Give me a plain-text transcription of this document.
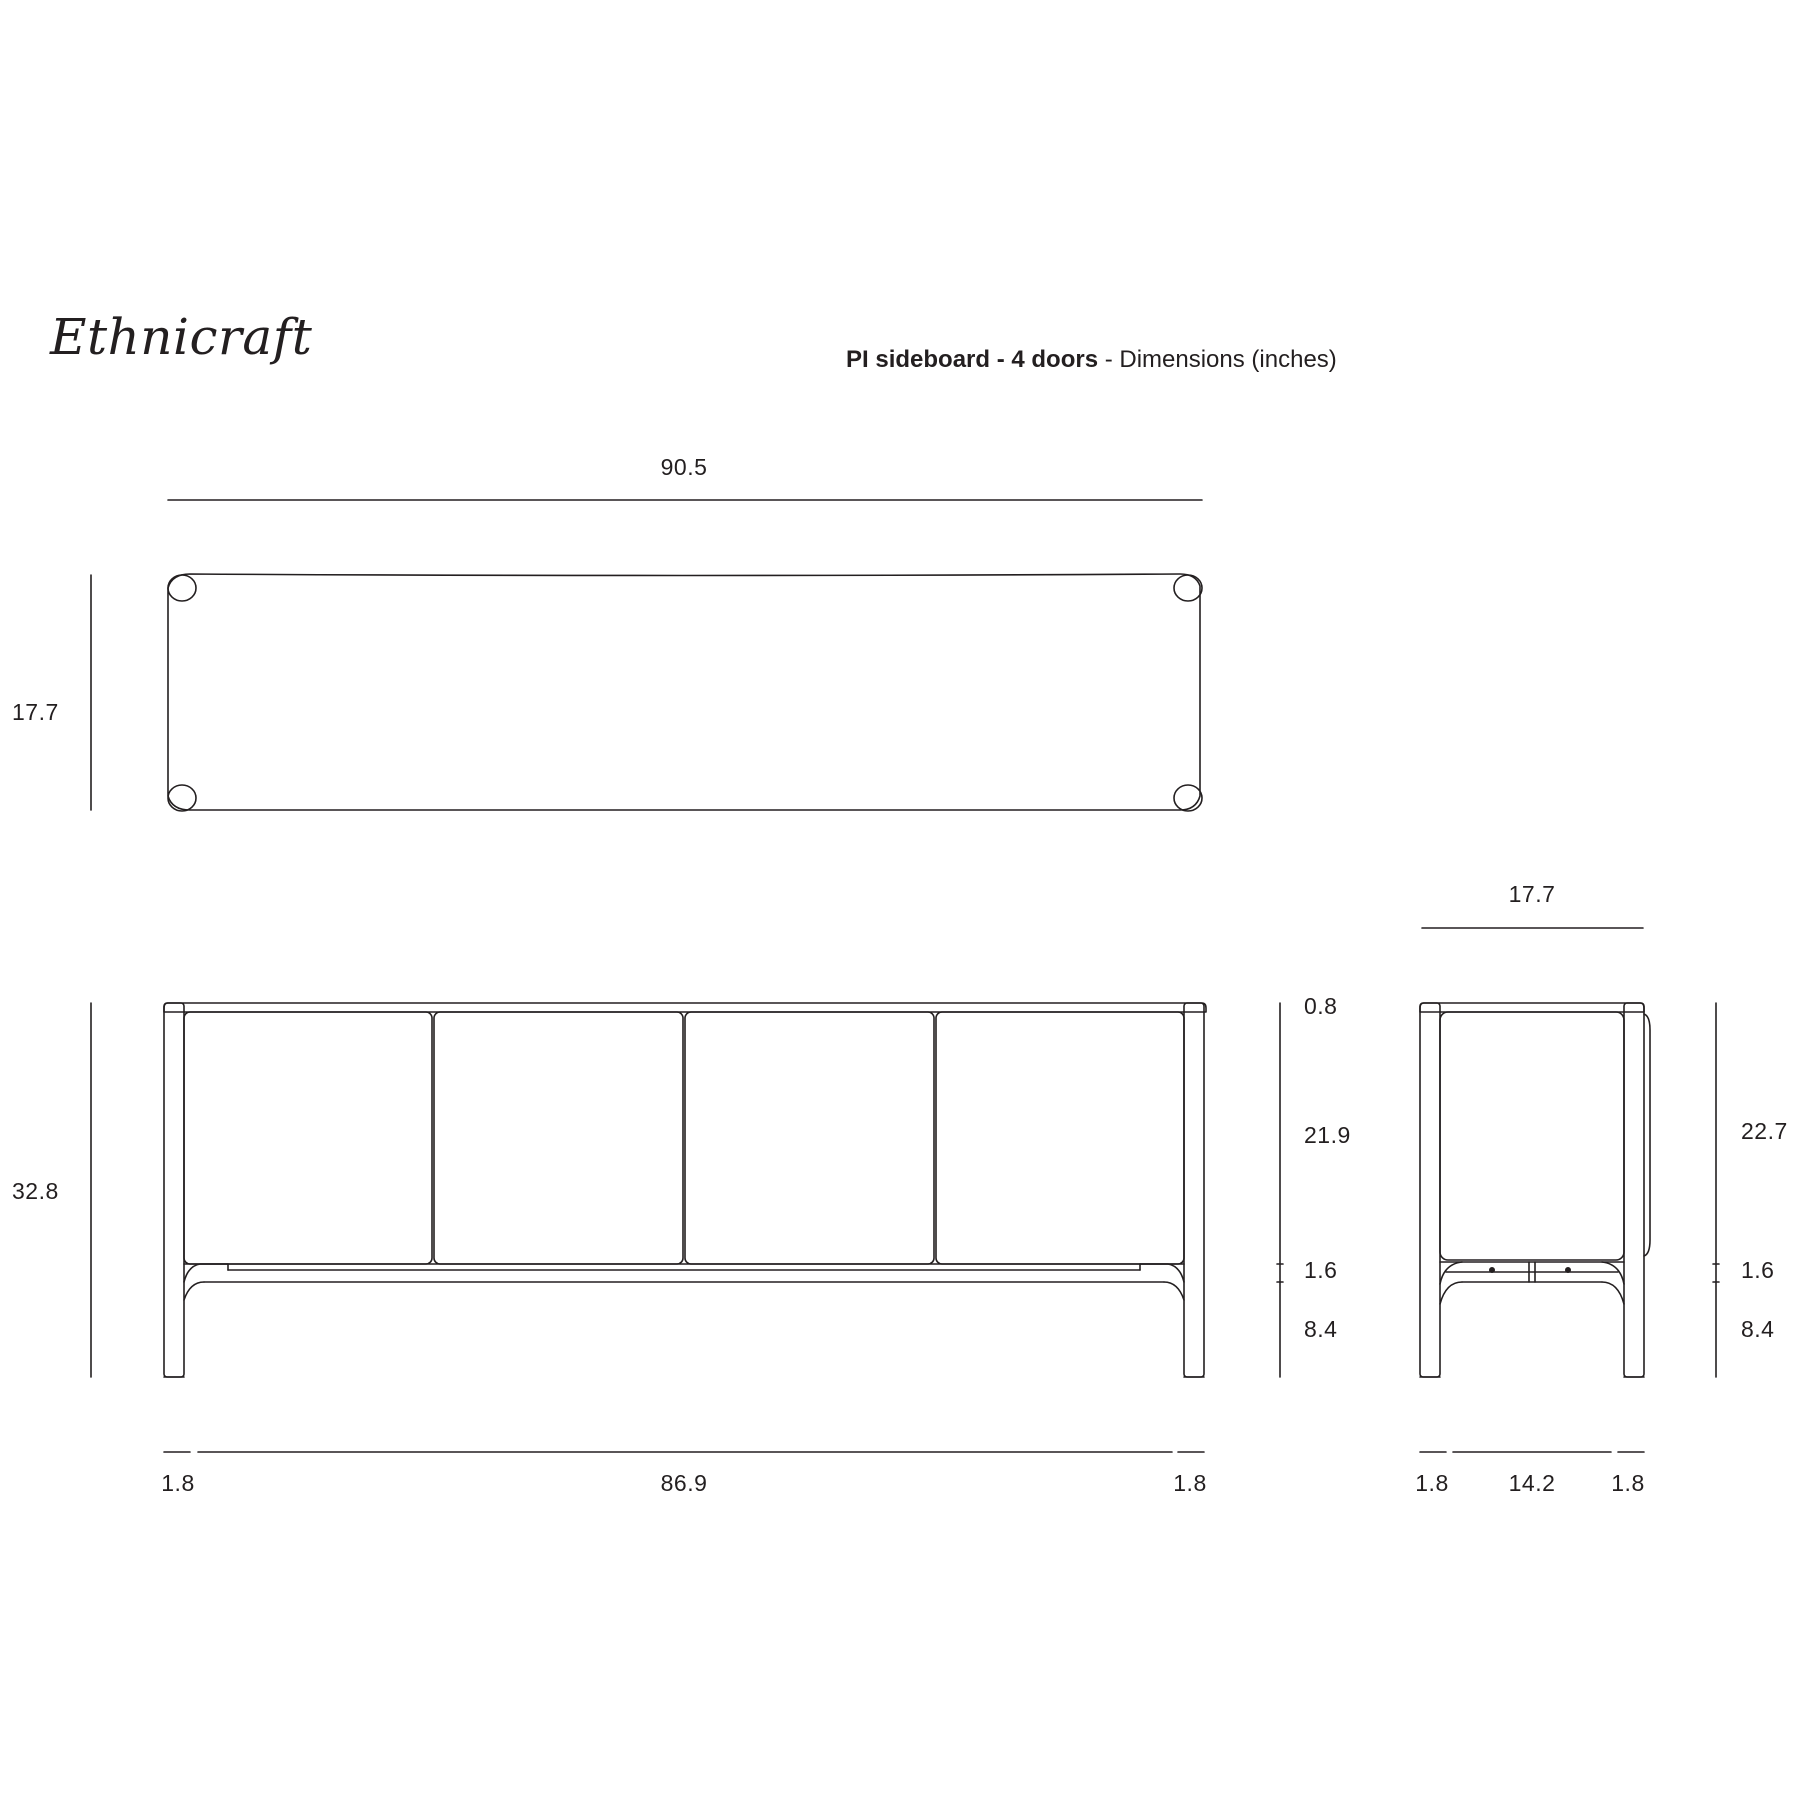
Ethnicraft	PI sideboard - 4 doors - Dimensions (inches)
90.5
17.7
32.8
0.8
21.9
1.6
8.4
1.8	86.9	1.8
17.7
22.7
1.6
8.4
1.8	14.2 1.8
